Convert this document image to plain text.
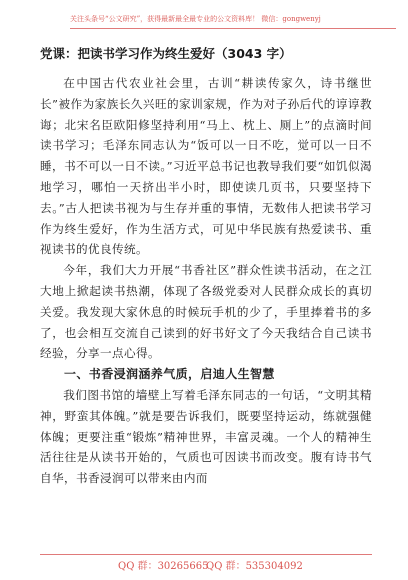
关注头条号“公文研究”，获得最新最全最专业的公文资料库！ 微信：gongwenyj
党课：把读书学习作为终生爱好（3043 字）

在中国古代农业社会里，古训“耕读传家久，诗书继世长”被作为家族长久兴旺的家训家规，作为对子孙后代的谆谆教诲；北宋名臣欧阳修坚持利用“马上、枕上、厕上”的点滴时间读书学习；毛泽东同志认为“饭可以一日不吃，觉可以一日不睡，书不可以一日不读。”习近平总书记也教导我们要“如饥似渴地学习，哪怕一天挤出半小时，即使读几页书，只要坚持下去。”古人把读书视为与生存并重的事情，无数伟人把读书学习作为终生爱好，作为生活方式，可见中华民族有热爱读书、重视读书的优良传统。

今年，我们大力开展“书香社区”群众性读书活动，在之江大地上掀起读书热潮，体现了各级党委对人民群众成长的真切关爱。我发现大家休息的时候玩手机的少了，手里捧着书的多了，也会相互交流自己读到的好书好文了今天我结合自己读书经验，分享一点心得。

一、书香浸润涵养气质，启迪人生智慧

我们图书馆的墙壁上写着毛泽东同志的一句话，“文明其精神，野蛮其体魄。”就是要告诉我们，既要坚持运动，练就强健体魄；更要注重“锻炼”精神世界，丰富灵魂。一个人的精神生活往往是从读书开始的，气质也可因读书而改变。腹有诗书气自华，书香浸润可以带来由内而

QQ 群：30265665
QQ 群：535304092
